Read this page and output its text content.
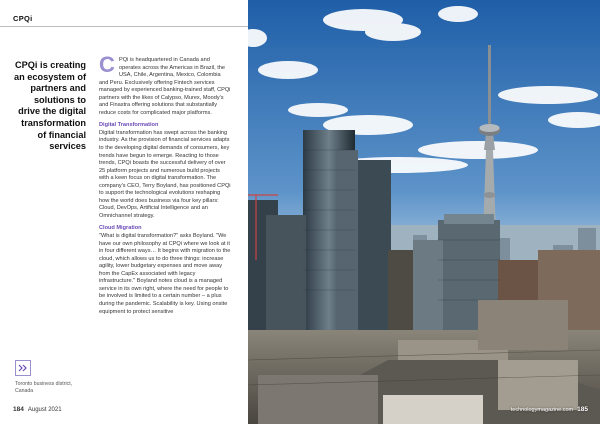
CPQi
CPQi is creating an ecosystem of partners and solutions to drive the digital transformation of financial services

C PQi is headquartered in Canada and operates across the Americas in Brazil, the USA, Chile, Argentina, Mexico, Colombia and Peru. Exclusively offering Fintech services managed by experienced banking-trained staff, CPQi partners with the likes of Calypso, Murex, Moody's and Finastra offering solutions that substantially reduce costs for complicated major platforms.

Digital Transformation
Digital transformation has swept across the banking industry. As the provision of financial services adapts to the developing digital demands of consumers, key trends have begun to emerge. Reacting to those trends, CPQi boasts the successful delivery of over 25 platform projects and numerous build projects with a keen focus on digital transformation. The company's CEO, Terry Boyland, has positioned CPQi to support the technological evolutions reshaping how the world does business via four key pillars: Cloud, DevOps, Artificial Intelligence and an Omnichannel strategy.

Cloud Migration
"What is digital transformation?" asks Boyland. "We have our own philosophy at CPQi where we look at it in four different ways… It begins with migration to the cloud, which allows us to do three things: increase agility, lower budgetary expenses and move away from the CapEx associated with legacy infrastructure." Boyland notes cloud is a managed service in its own right, where the need for people to be involved is limited to a certain number – a plus during the pandemic. Scalability is key. Using onsite equipment to protect sensitive

Toronto business district, Canada
184 August 2021	technologymagazine.com 185
